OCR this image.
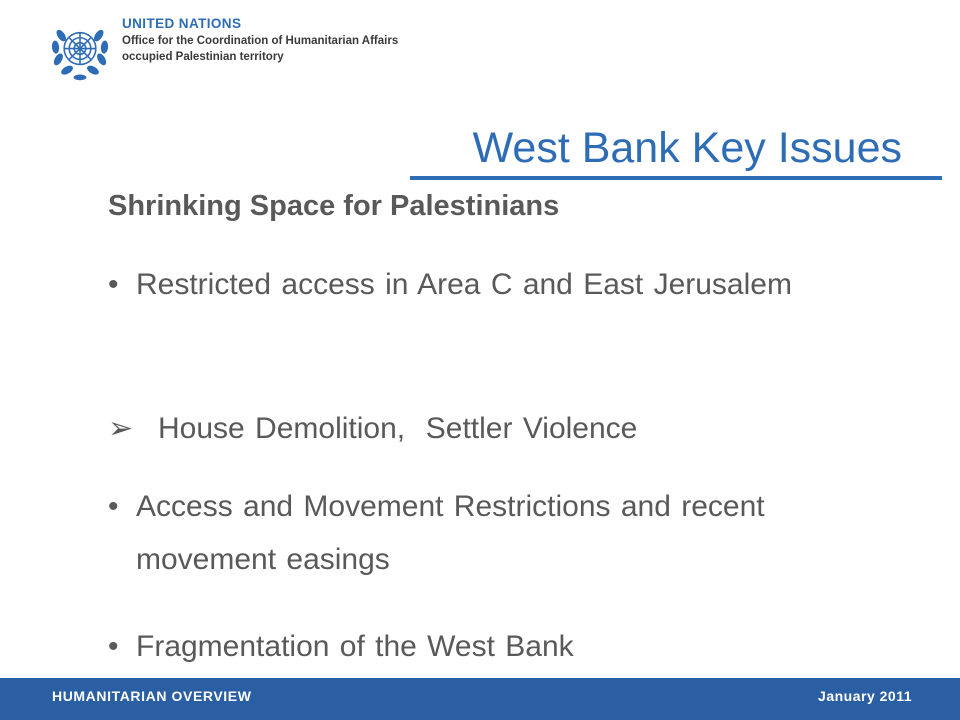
UNITED NATIONS
Office for the Coordination of Humanitarian Affairs
occupied Palestinian territory
West Bank Key Issues
Shrinking Space for Palestinians
• Restricted access in Area C and East Jerusalem
➢ House Demolition,  Settler Violence
• Access and Movement Restrictions and recent movement easings
• Fragmentation of the West Bank
HUMANITARIAN OVERVIEW	January 2011
